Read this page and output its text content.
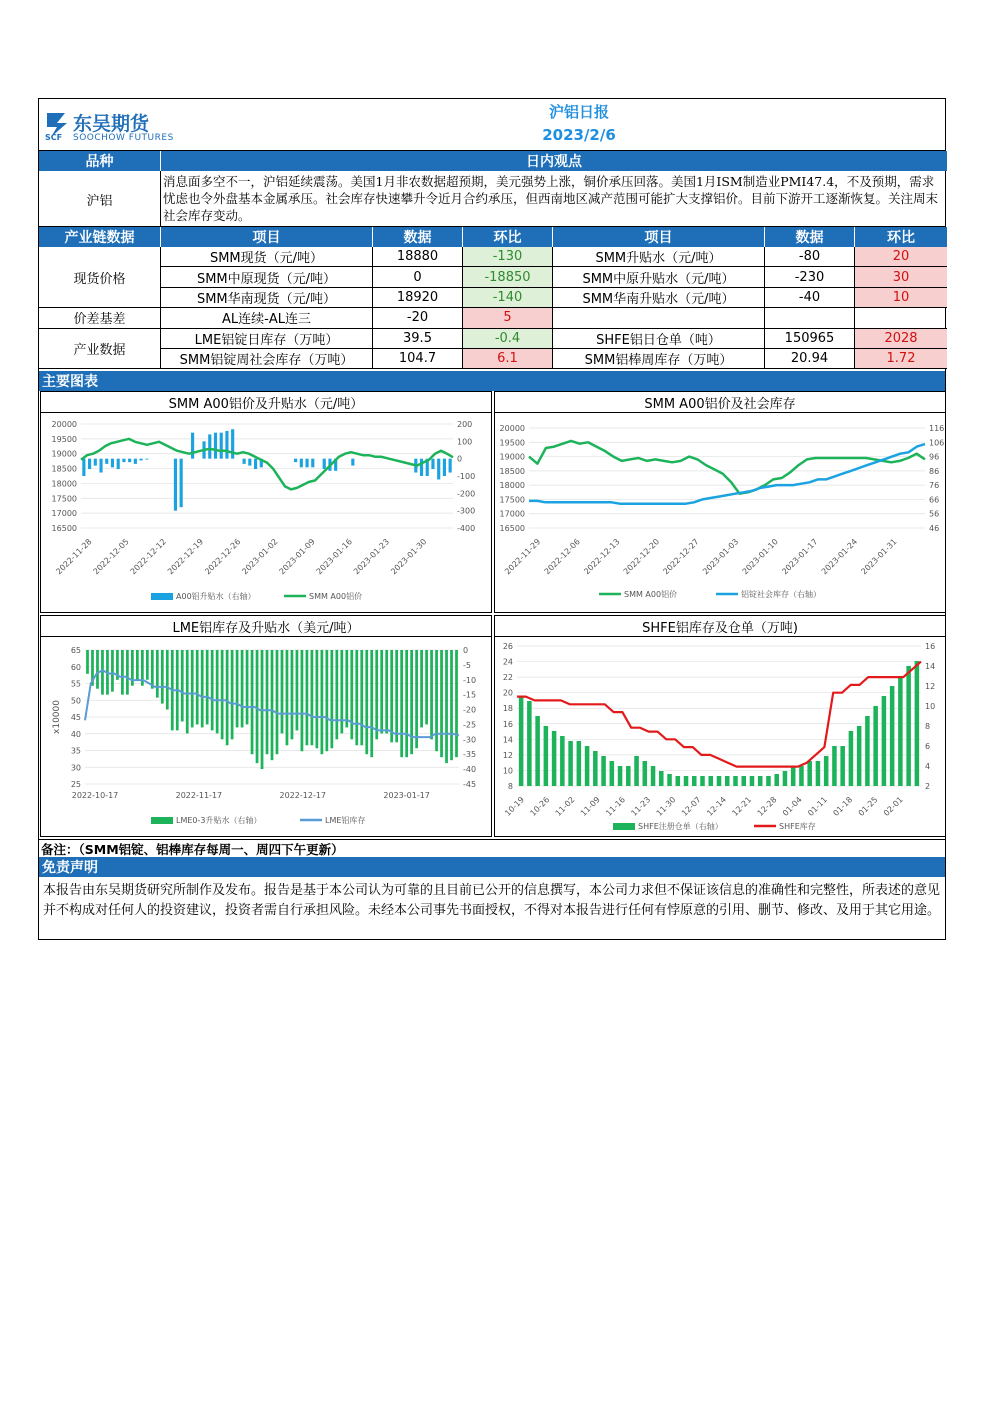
东吴期货
SOOCHOW FUTURES
SCF
沪铝日报
2023/2/6
品种	日内观点
沪铝
消息面多空不一，沪铝延续震荡。美国1月非农数据超预期，美元强势上涨，铜价承压回落。美国1月ISM制造业PMI47.4，不及预期，需求忧虑也令外盘基本金属承压。社会库存快速攀升令近月合约承压，但西南地区减产范围可能扩大支撑铝价。目前下游开工逐渐恢复。关注周末社会库存变动。
产业链数据	项目	数据	环比	项目	数据	环比
现货价格
SMM现货（元/吨）	18880	-130	SMM升贴水（元/吨）	-80	20
SMM中原现货（元/吨）	0	-18850	SMM中原升贴水（元/吨）	-230	30
SMM华南现货（元/吨）	18920	-140	SMM华南升贴水（元/吨）	-40	10
价差基差	AL连续-AL连三	-20	5
产业数据
LME铝锭日库存（万吨）	39.5	-0.4	SHFE铝日仓单（吨）	150965	2028
SMM铝锭周社会库存（万吨）	104.7	6.1	SMM铝棒周库存（万吨）	20.94	1.72
主要图表
SMM A00铝价及升贴水（元/吨）
20000
19500
19000
18500
18000
17500
17000
16500
200
100
0
-100
-200
-300
-400
2022-11-28
2022-12-05
2022-12-12
2022-12-19
2022-12-26
2023-01-02
2023-01-09
2023-01-16
2023-01-23
2023-01-30
A00铝升贴水（右轴）	SMM A00铝价
SMM A00铝价及社会库存
20000
19500
19000
18500
18000
17500
17000
16500
116
106
96
86
76
66
56
46
2022-11-29 2022-12-06 2022-12-13 2022-12-20 2022-12-27 2023-01-03 2023-01-10 2023-01-17 2023-01-24 2023-01-31
SMM A00铝价	铝锭社会库存（右轴）
LME铝库存及升贴水（美元/吨）
65
60
55
50
45
40
35
30
25
0
-5
-10
-15
-20
-25
-30
-35
-40
-45
2022-10-17	2022-11-17	2022-12-17	2023-01-17
x10000
LME0-3升贴水（右轴）	LME铝库存
SHFE铝库存及仓单（万吨)
26
24
22
20
18
16
14
12
10
8
16
14
12
10
8
6
4
2
10-19 10-26 11-02 11-09 11-16 11-23 11-30 12-07 12-14 12-21 12-28 01-04 01-11 01-18 01-25 02-01
SHFE注册仓单（右轴）	SHFE库存
备注：（SMM铝锭、铝棒库存每周一、周四下午更新）
免责声明
本报告由东吴期货研究所制作及发布。报告是基于本公司认为可靠的且目前已公开的信息撰写，本公司力求但不保证该信息的准确性和完整性，所表述的意见并不构成对任何人的投资建议，投资者需自行承担风险。未经本公司事先书面授权，不得对本报告进行任何有悖原意的引用、删节、修改、及用于其它用途。
